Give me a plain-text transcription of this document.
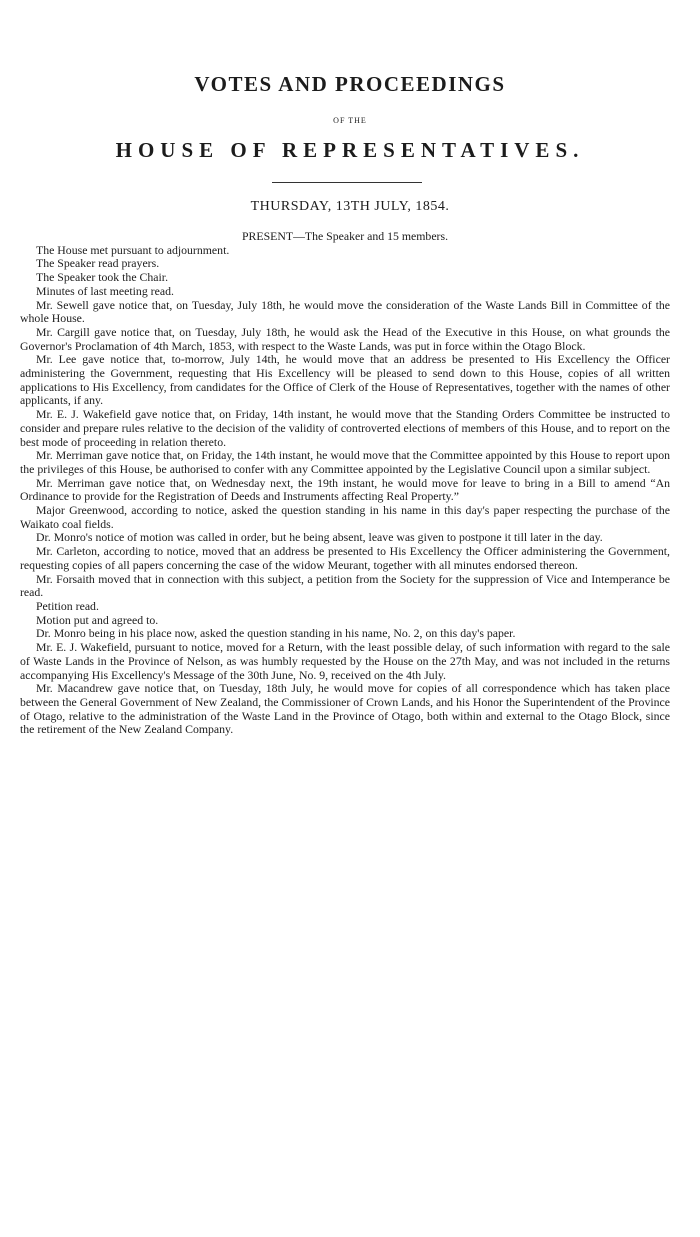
VOTES AND PROCEEDINGS
OF THE
HOUSE OF REPRESENTATIVES.
THURSDAY, 13TH JULY, 1854.

PRESENT—The Speaker and 15 members.

The House met pursuant to adjournment.

The Speaker read prayers.

The Speaker took the Chair.

Minutes of last meeting read.

Mr. Sewell gave notice that, on Tuesday, July 18th, he would move the consideration of the Waste Lands Bill in Committee of the whole House.

Mr. Cargill gave notice that, on Tuesday, July 18th, he would ask the Head of the Executive in this House, on what grounds the Governor's Proclamation of 4th March, 1853, with respect to the Waste Lands, was put in force within the Otago Block.

Mr. Lee gave notice that, to-morrow, July 14th, he would move that an address be presented to His Excellency the Officer administering the Government, requesting that His Excellency will be pleased to send down to this House, copies of all written applications to His Excellency, from candidates for the Office of Clerk of the House of Representatives, together with the names of other applicants, if any.

Mr. E. J. Wakefield gave notice that, on Friday, 14th instant, he would move that the Standing Orders Committee be instructed to consider and prepare rules relative to the decision of the validity of controverted elections of members of this House, and to report on the best mode of proceeding in relation thereto.

Mr. Merriman gave notice that, on Friday, the 14th instant, he would move that the Committee appointed by this House to report upon the privileges of this House, be authorised to confer with any Committee appointed by the Legislative Council upon a similar subject.

Mr. Merriman gave notice that, on Wednesday next, the 19th instant, he would move for leave to bring in a Bill to amend “An Ordinance to provide for the Registration of Deeds and Instruments affecting Real Property.”

Major Greenwood, according to notice, asked the question standing in his name in this day's paper respecting the purchase of the Waikato coal fields.

Dr. Monro's notice of motion was called in order, but he being absent, leave was given to postpone it till later in the day.

Mr. Carleton, according to notice, moved that an address be presented to His Excellency the Officer administering the Government, requesting copies of all papers concerning the case of the widow Meurant, together with all minutes endorsed thereon.

Mr. Forsaith moved that in connection with this subject, a petition from the Society for the suppression of Vice and Intemperance be read.

Petition read.

Motion put and agreed to.

Dr. Monro being in his place now, asked the question standing in his name, No. 2, on this day's paper.

Mr. E. J. Wakefield, pursuant to notice, moved for a Return, with the least possible delay, of such information with regard to the sale of Waste Lands in the Province of Nelson, as was humbly requested by the House on the 27th May, and was not included in the returns accompanying His Excellency's Message of the 30th June, No. 9, received on the 4th July.

Mr. Macandrew gave notice that, on Tuesday, 18th July, he would move for copies of all correspondence which has taken place between the General Government of New Zealand, the Commissioner of Crown Lands, and his Honor the Superintendent of the Province of Otago, relative to the administration of the Waste Land in the Province of Otago, both within and external to the Otago Block, since the retirement of the New Zealand Company.
